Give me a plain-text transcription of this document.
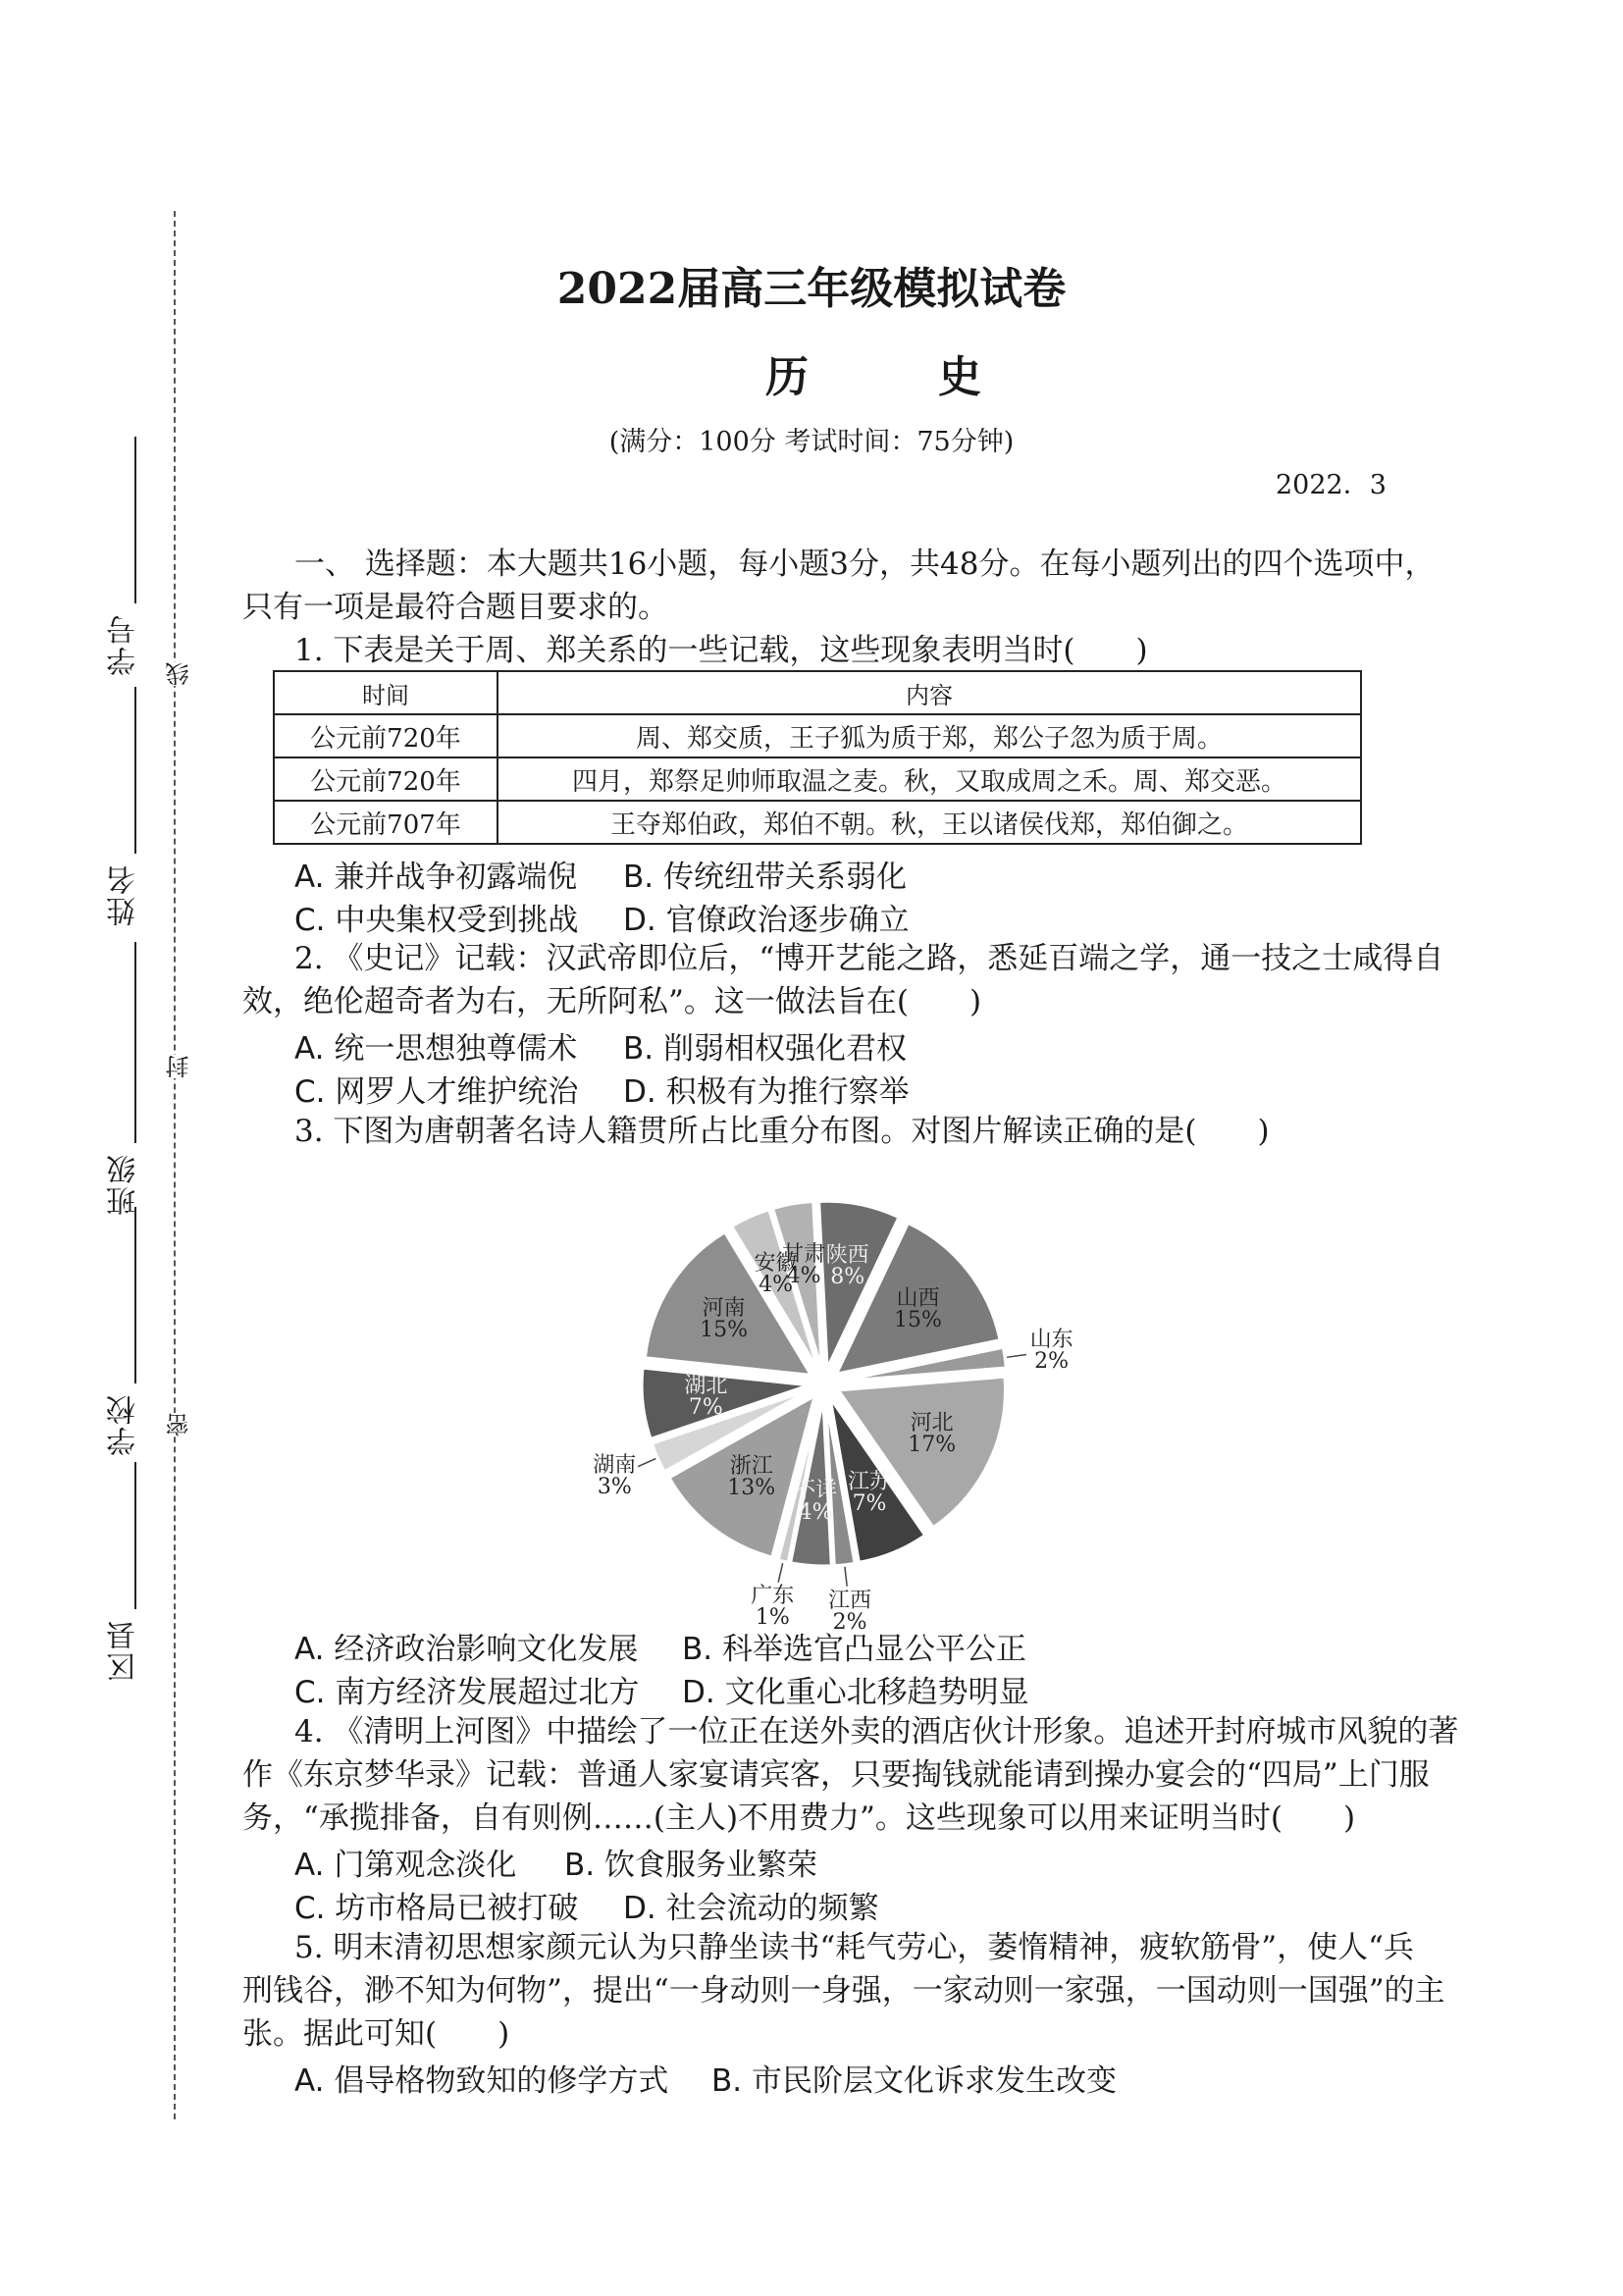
学号
姓名
班级
学校
区县
线
封
密
2022届高三年级模拟试卷
历	史
(满分：100分 考试时间：75分钟)
2022．3
一、 选择题：本大题共16小题，每小题3分，共48分。在每小题列出的四个选项中，
只有一项是最符合题目要求的。
1. 下表是关于周、郑关系的一些记载，这些现象表明当时(　　)
时间	内容
公元前720年	周、郑交质，王子狐为质于郑，郑公子忽为质于周。
公元前720年	四月，郑祭足帅师取温之麦。秋，又取成周之禾。周、郑交恶。
公元前707年	王夺郑伯政，郑伯不朝。秋，王以诸侯伐郑，郑伯御之。
A. 兼并战争初露端倪 B. 传统纽带关系弱化
C. 中央集权受到挑战 D. 官僚政治逐步确立
2. 《史记》记载：汉武帝即位后，“博开艺能之路，悉延百端之学，通一技之士咸得自
效，绝伦超奇者为右，无所阿私”。这一做法旨在(　　)
A. 统一思想独尊儒术 B. 削弱相权强化君权
C. 网罗人才维护统治 D. 积极有为推行察举
3. 下图为唐朝著名诗人籍贯所占比重分布图。对图片解读正确的是(　　)
陕西
8%
山西
15%
山东
2%
河北
17%
江苏
7%
江西
2%
不详
4%
广东
1%
浙江
13%
湖南
3%
湖北
7%
河南
15%
安徽
4%
甘肃
4%
A. 经济政治影响文化发展 B. 科举选官凸显公平公正
C. 南方经济发展超过北方 D. 文化重心北移趋势明显
4. 《清明上河图》中描绘了一位正在送外卖的酒店伙计形象。追述开封府城市风貌的著
作《东京梦华录》记载：普通人家宴请宾客，只要掏钱就能请到操办宴会的“四局”上门服
务，“承揽排备，自有则例……(主人)不用费力”。这些现象可以用来证明当时(　　)
A. 门第观念淡化 B. 饮食服务业繁荣
C. 坊市格局已被打破 D. 社会流动的频繁
5. 明末清初思想家颜元认为只静坐读书“耗气劳心，萎惰精神，疲软筋骨”，使人“兵
刑钱谷，渺不知为何物”，提出“一身动则一身强，一家动则一家强，一国动则一国强”的主
张。据此可知(　　)
A. 倡导格物致知的修学方式 B. 市民阶层文化诉求发生改变
